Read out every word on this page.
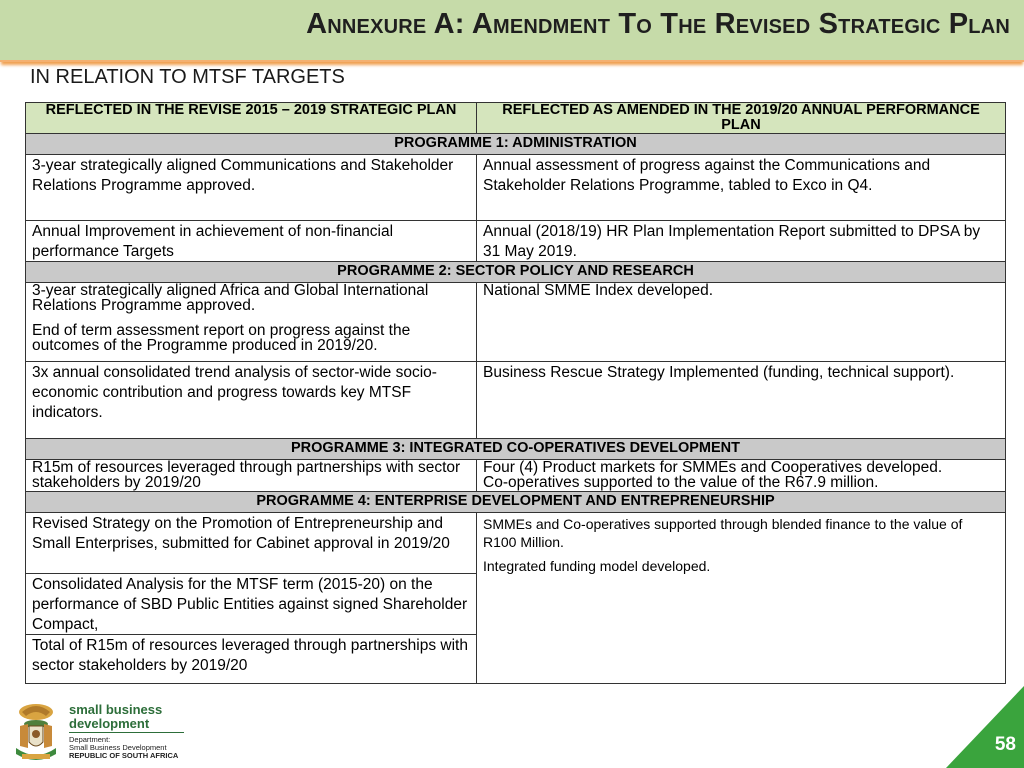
Annexure A: Amendment To The Revised Strategic Plan
IN RELATION TO MTSF TARGETS
REFLECTED IN THE REVISE 2015 – 2019 STRATEGIC PLAN	REFLECTED AS AMENDED IN THE 2019/20 ANNUAL PERFORMANCE PLAN
PROGRAMME 1: ADMINISTRATION
3-year strategically aligned Communications and Stakeholder Relations Programme approved.
Annual assessment of progress against the Communications and Stakeholder Relations Programme, tabled to Exco in Q4.
Annual Improvement in achievement of non-financial performance Targets
Annual (2018/19) HR Plan Implementation Report submitted to DPSA by 31 May 2019.
PROGRAMME 2: SECTOR POLICY AND RESEARCH
3-year strategically aligned Africa and Global International Relations Programme approved.
End of term assessment report on progress against the outcomes of the Programme produced in 2019/20.
National SMME Index developed.
3x annual consolidated trend analysis of sector-wide socio-economic contribution and progress towards key MTSF indicators.
Business Rescue Strategy Implemented (funding, technical support).
PROGRAMME 3: INTEGRATED CO-OPERATIVES DEVELOPMENT
R15m of resources leveraged through partnerships with sector stakeholders by 2019/20
Four (4) Product markets for SMMEs and Cooperatives developed.
Co-operatives supported to the value of the R67.9 million.
PROGRAMME 4: ENTERPRISE DEVELOPMENT AND ENTREPRENEURSHIP
Revised Strategy on the Promotion of Entrepreneurship and Small Enterprises, submitted for Cabinet approval in 2019/20
Consolidated Analysis for the MTSF term (2015-20) on the performance of SBD Public Entities against signed Shareholder Compact,
Total of R15m of resources leveraged through partnerships with sector stakeholders by 2019/20
SMMEs and Co-operatives supported through blended finance to the value of R100 Million.
Integrated funding model developed.
small business
development
Department:
Small Business Development
REPUBLIC OF SOUTH AFRICA
58
